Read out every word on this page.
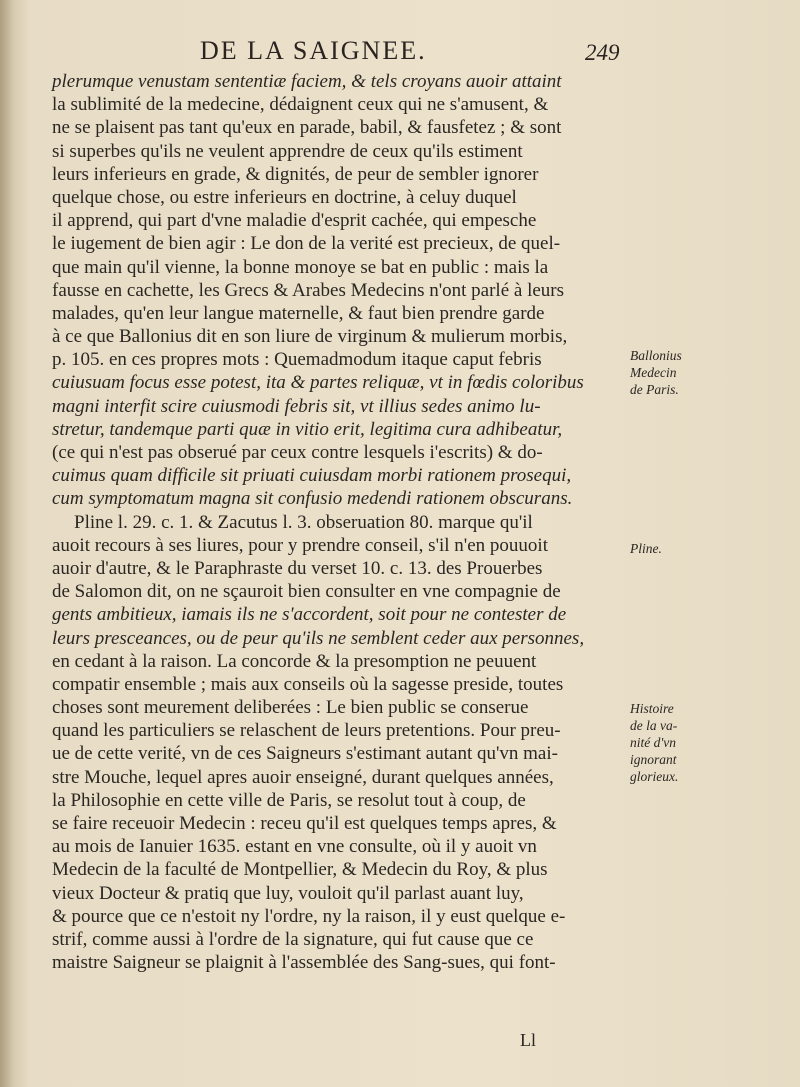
DE LA SAIGNEE.	249
plerumque venustam sententiæ faciem, & tels croyans auoir attaint
la sublimité de la medecine, dédaignent ceux qui ne s'amusent, &
ne se plaisent pas tant qu'eux en parade, babil, & fausfetez ; & sont
si superbes qu'ils ne veulent apprendre de ceux qu'ils estiment
leurs inferieurs en grade, & dignités, de peur de sembler ignorer
quelque chose, ou estre inferieurs en doctrine, à celuy duquel
il apprend, qui part d'vne maladie d'esprit cachée, qui empesche
le iugement de bien agir : Le don de la verité est precieux, de quel-
que main qu'il vienne, la bonne monoye se bat en public : mais la
fausse en cachette, les Grecs & Arabes Medecins n'ont parlé à leurs
malades, qu'en leur langue maternelle, & faut bien prendre garde
à ce que Ballonius dit en son liure de virginum & mulierum morbis,
p. 105. en ces propres mots : Quemadmodum itaque caput febris
cuiusuam focus esse potest, ita & partes reliquæ, vt in fœdis coloribus
magni interfit scire cuiusmodi febris sit, vt illius sedes animo lu-
stretur, tandemque parti quæ in vitio erit, legitima cura adhibeatur,
(ce qui n'est pas obserué par ceux contre lesquels i'escrits) & do-
cuimus quam difficile sit priuati cuiusdam morbi rationem prosequi,
cum symptomatum magna sit confusio medendi rationem obscurans.
Pline l. 29. c. 1. & Zacutus l. 3. obseruation 80. marque qu'il
auoit recours à ses liures, pour y prendre conseil, s'il n'en pouuoit
auoir d'autre, & le Paraphraste du verset 10. c. 13. des Prouerbes
de Salomon dit, on ne sçauroit bien consulter en vne compagnie de
gents ambitieux, iamais ils ne s'accordent, soit pour ne contester de
leurs presceances, ou de peur qu'ils ne semblent ceder aux personnes,
en cedant à la raison. La concorde & la presomption ne peuuent
compatir ensemble ; mais aux conseils où la sagesse preside, toutes
choses sont meurement deliberées : Le bien public se conserue
quand les particuliers se relaschent de leurs pretentions. Pour preu-
ue de cette verité, vn de ces Saigneurs s'estimant autant qu'vn mai-
stre Mouche, lequel apres auoir enseigné, durant quelques années,
la Philosophie en cette ville de Paris, se resolut tout à coup, de
se faire receuoir Medecin : receu qu'il est quelques temps apres, &
au mois de Ianuier 1635. estant en vne consulte, où il y auoit vn
Medecin de la faculté de Montpellier, & Medecin du Roy, & plus
vieux Docteur & pratiq que luy, vouloit qu'il parlast auant luy,
& pource que ce n'estoit ny l'ordre, ny la raison, il y eust quelque e-
strif, comme aussi à l'ordre de la signature, qui fut cause que ce
maistre Saigneur se plaignit à l'assemblée des Sang-sues, qui font-
Ballonius
Medecin
de Paris.
Pline.
Histoire
de la va-
nité d'vn
ignorant
glorieux.
Ll
